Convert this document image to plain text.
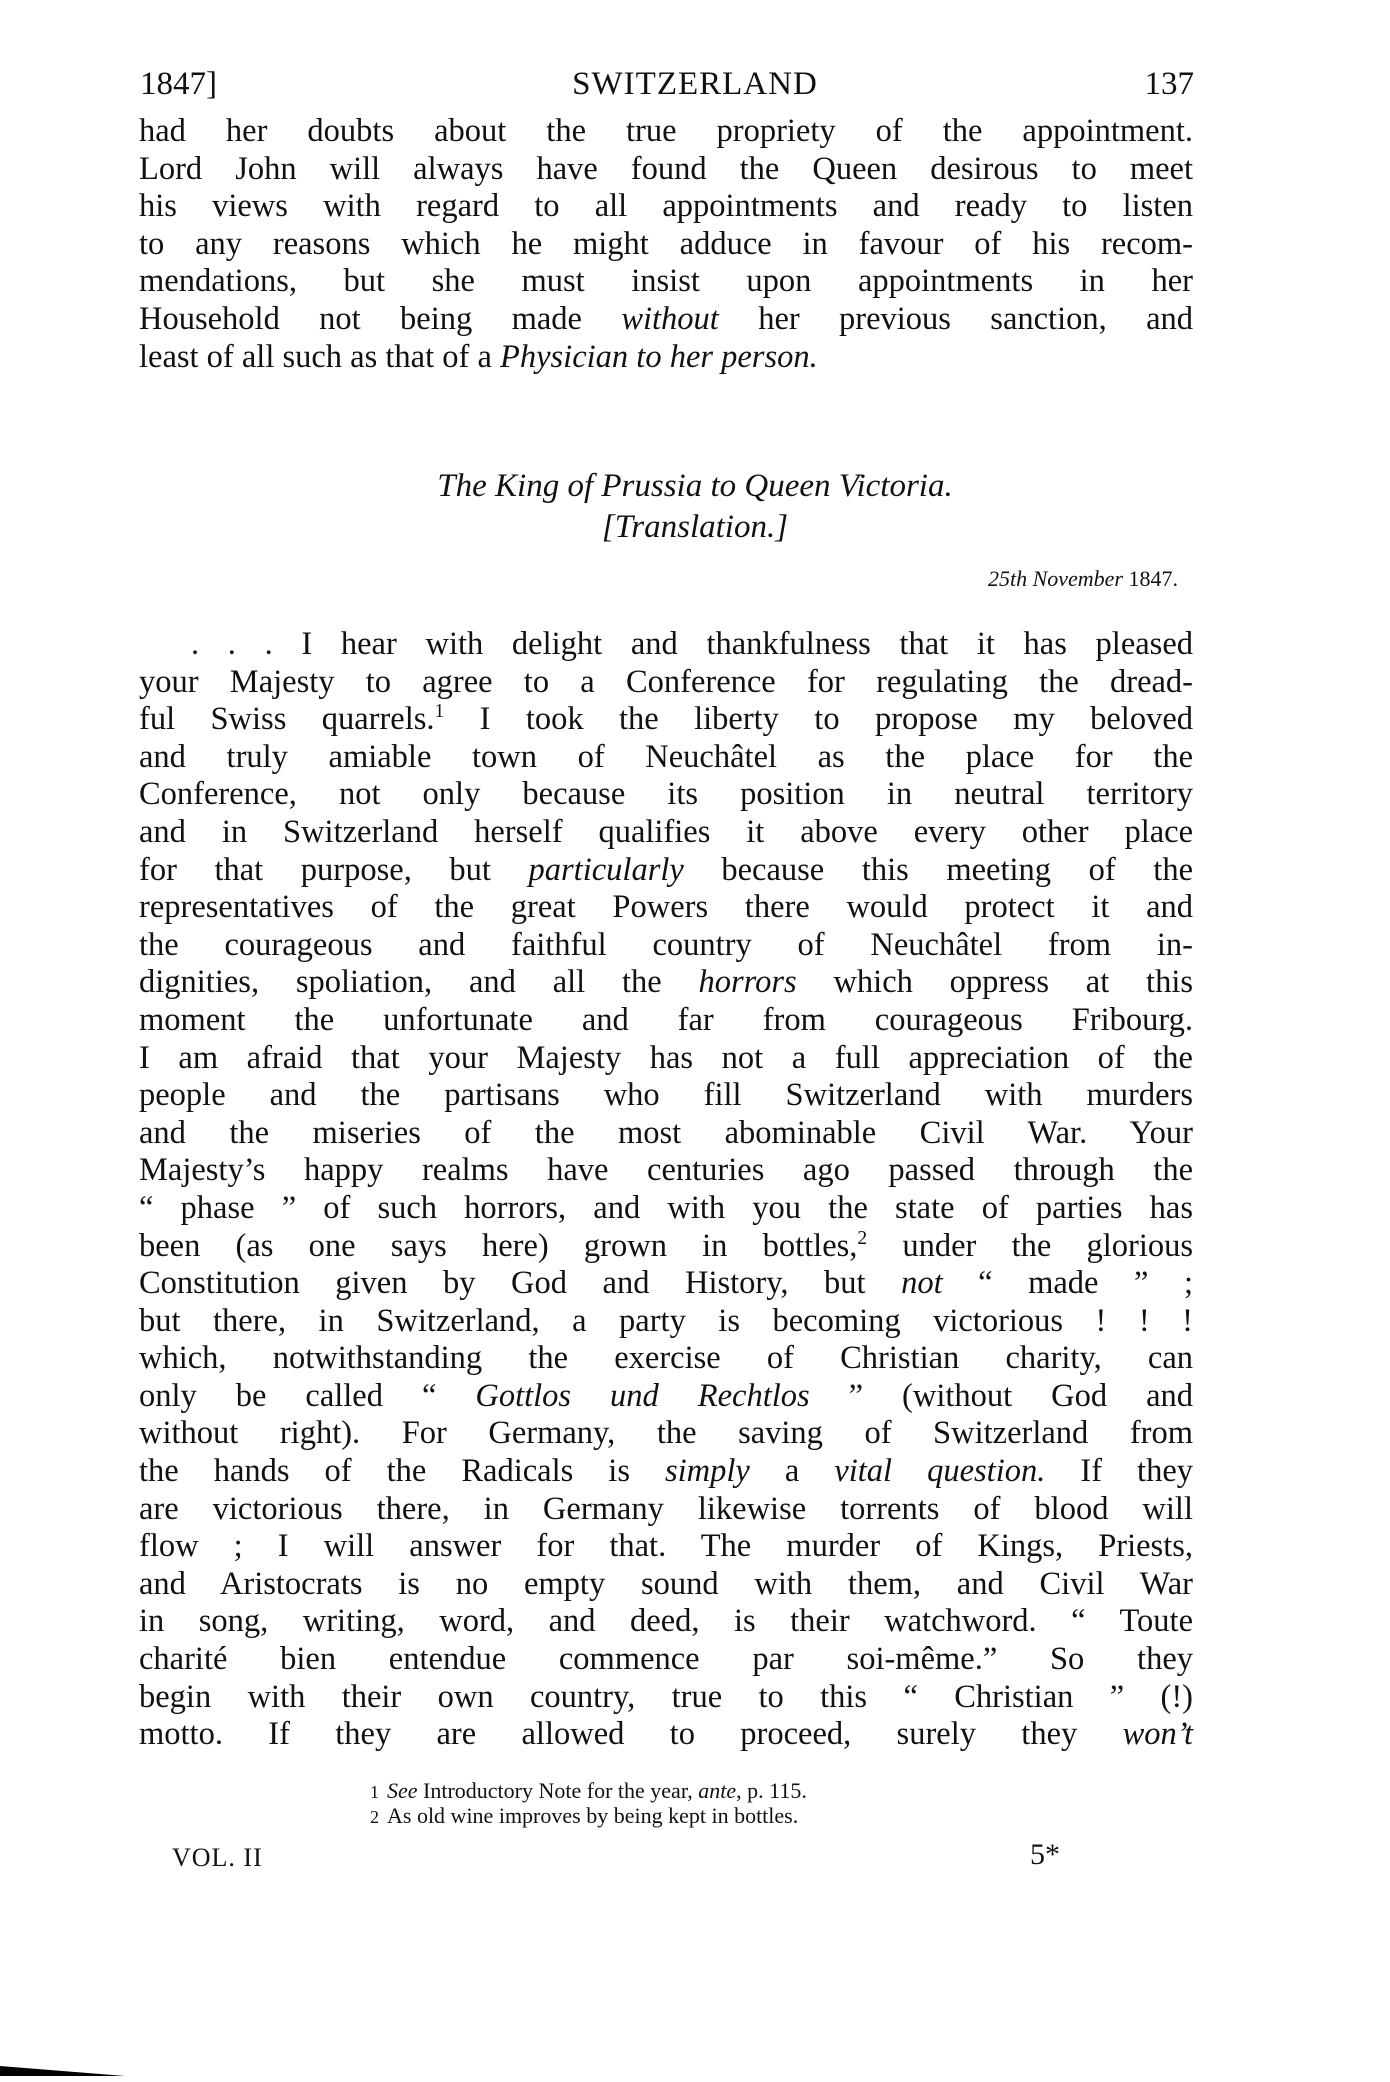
1847]	SWITZERLAND	137
had her doubts about the true propriety of the appointment.
Lord John will always have found the Queen desirous to meet
his views with regard to all appointments and ready to listen
to any reasons which he might adduce in favour of his recom-
mendations, but she must insist upon appointments in her
Household not being made without her previous sanction, and
least of all such as that of a Physician to her person.
The King of Prussia to Queen Victoria.
[Translation.]
25th November 1847.
. . . I hear with delight and thankfulness that it has pleased
your Majesty to agree to a Conference for regulating the dread-
ful Swiss quarrels.$^1$ I took the liberty to propose my beloved
and truly amiable town of Neuchâtel as the place for the
Conference, not only because its position in neutral territory
and in Switzerland herself qualifies it above every other place
for that purpose, but particularly because this meeting of the
representatives of the great Powers there would protect it and
the courageous and faithful country of Neuchâtel from in-
dignities, spoliation, and all the horrors which oppress at this
moment the unfortunate and far from courageous Fribourg.
I am afraid that your Majesty has not a full appreciation of the
people and the partisans who fill Switzerland with murders
and the miseries of the most abominable Civil War. Your
Majesty’s happy realms have centuries ago passed through the
“ phase ” of such horrors, and with you the state of parties has
been (as one says here) grown in bottles,$^2$ under the glorious
Constitution given by God and History, but not “ made ” ;
but there, in Switzerland, a party is becoming victorious ! ! !
which, notwithstanding the exercise of Christian charity, can
only be called “ Gottlos und Rechtlos ” (without God and
without right). For Germany, the saving of Switzerland from
the hands of the Radicals is simply a vital question. If they
are victorious there, in Germany likewise torrents of blood will
flow ; I will answer for that. The murder of Kings, Priests,
and Aristocrats is no empty sound with them, and Civil War
in song, writing, word, and deed, is their watchword. “ Toute
charité bien entendue commence par soi-même.” So they
begin with their own country, true to this “ Christian ” (!)
motto. If they are allowed to proceed, surely they won’t
1 See Introductory Note for the year, ante, p. 115.
2 As old wine improves by being kept in bottles.
VOL. II	5*
